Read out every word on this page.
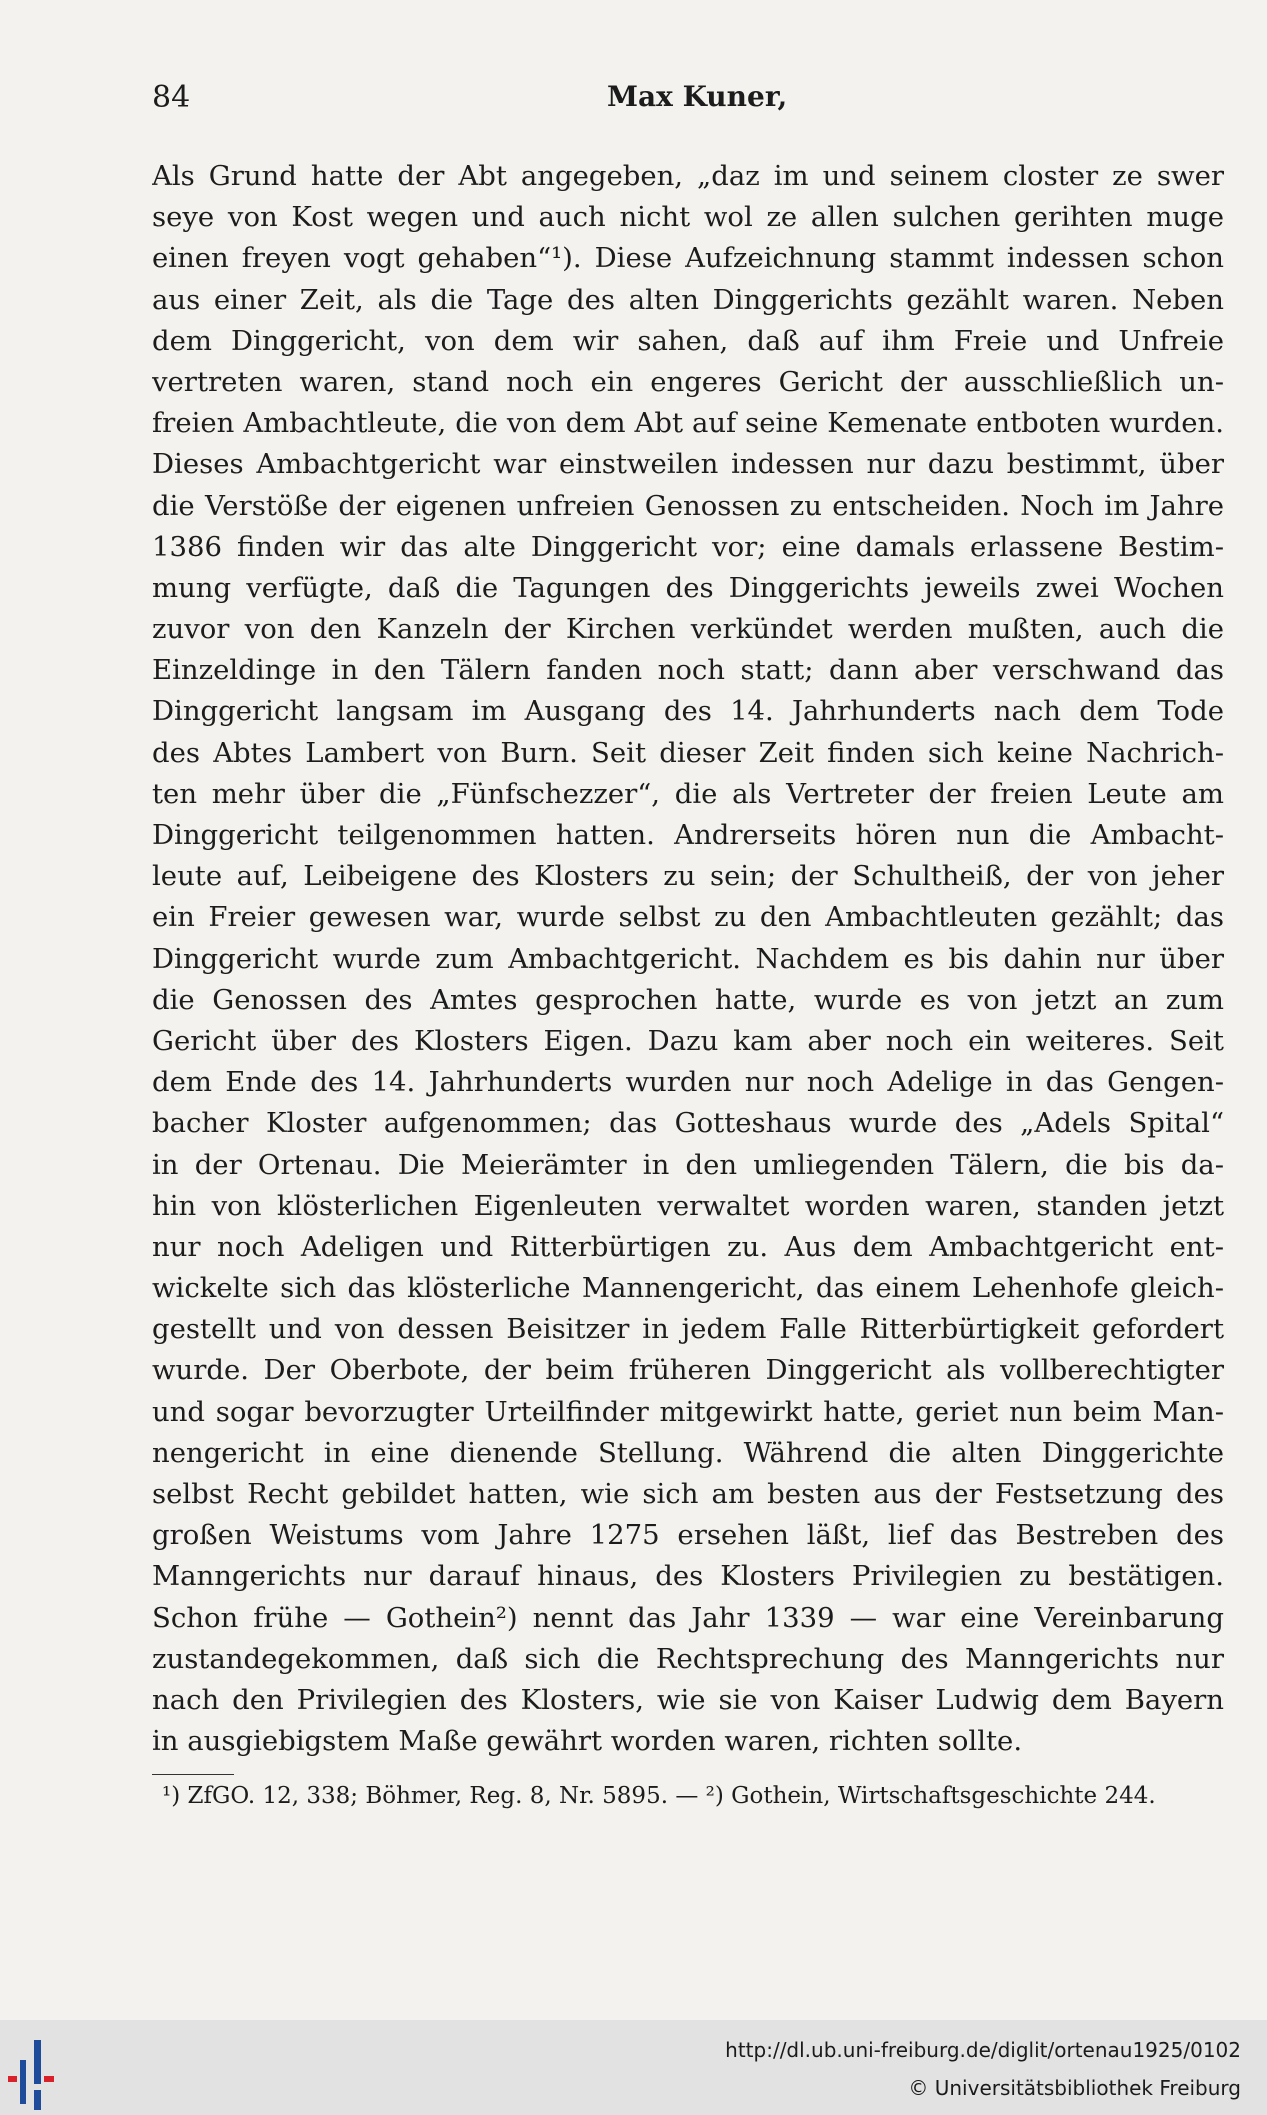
84	Max Kuner,
Als Grund hatte der Abt angegeben, „daz im und seinem closter ze swer
seye von Kost wegen und auch nicht wol ze allen sulchen gerihten muge
einen freyen vogt gehaben“¹). Diese Aufzeichnung stammt indessen schon
aus einer Zeit, als die Tage des alten Dinggerichts gezählt waren. Neben
dem Dinggericht, von dem wir sahen, daß auf ihm Freie und Unfreie
vertreten waren, stand noch ein engeres Gericht der ausschließlich un-
freien Ambachtleute, die von dem Abt auf seine Kemenate entboten wurden.
Dieses Ambachtgericht war einstweilen indessen nur dazu bestimmt, über
die Verstöße der eigenen unfreien Genossen zu entscheiden. Noch im Jahre
1386 finden wir das alte Dinggericht vor; eine damals erlassene Bestim-
mung verfügte, daß die Tagungen des Dinggerichts jeweils zwei Wochen
zuvor von den Kanzeln der Kirchen verkündet werden mußten, auch die
Einzeldinge in den Tälern fanden noch statt; dann aber verschwand das
Dinggericht langsam im Ausgang des 14. Jahrhunderts nach dem Tode
des Abtes Lambert von Burn. Seit dieser Zeit finden sich keine Nachrich-
ten mehr über die „Fünfschezzer“, die als Vertreter der freien Leute am
Dinggericht teilgenommen hatten. Andrerseits hören nun die Ambacht-
leute auf, Leibeigene des Klosters zu sein; der Schultheiß, der von jeher
ein Freier gewesen war, wurde selbst zu den Ambachtleuten gezählt; das
Dinggericht wurde zum Ambachtgericht. Nachdem es bis dahin nur über
die Genossen des Amtes gesprochen hatte, wurde es von jetzt an zum
Gericht über des Klosters Eigen. Dazu kam aber noch ein weiteres. Seit
dem Ende des 14. Jahrhunderts wurden nur noch Adelige in das Gengen-
bacher Kloster aufgenommen; das Gotteshaus wurde des „Adels Spital“
in der Ortenau. Die Meierämter in den umliegenden Tälern, die bis da-
hin von klösterlichen Eigenleuten verwaltet worden waren, standen jetzt
nur noch Adeligen und Ritterbürtigen zu. Aus dem Ambachtgericht ent-
wickelte sich das klösterliche Mannengericht, das einem Lehenhofe gleich-
gestellt und von dessen Beisitzer in jedem Falle Ritterbürtigkeit gefordert
wurde. Der Oberbote, der beim früheren Dinggericht als vollberechtigter
und sogar bevorzugter Urteilfinder mitgewirkt hatte, geriet nun beim Man-
nengericht in eine dienende Stellung. Während die alten Dinggerichte
selbst Recht gebildet hatten, wie sich am besten aus der Festsetzung des
großen Weistums vom Jahre 1275 ersehen läßt, lief das Bestreben des
Manngerichts nur darauf hinaus, des Klosters Privilegien zu bestätigen.
Schon frühe — Gothein²) nennt das Jahr 1339 — war eine Vereinbarung
zustandegekommen, daß sich die Rechtsprechung des Manngerichts nur
nach den Privilegien des Klosters, wie sie von Kaiser Ludwig dem Bayern
in ausgiebigstem Maße gewährt worden waren, richten sollte.
¹) ZfGO. 12, 338; Böhmer, Reg. 8, Nr. 5895. — ²) Gothein, Wirtschaftsgeschichte 244.
http://dl.ub.uni-freiburg.de/diglit/ortenau1925/0102
© Universitätsbibliothek Freiburg
